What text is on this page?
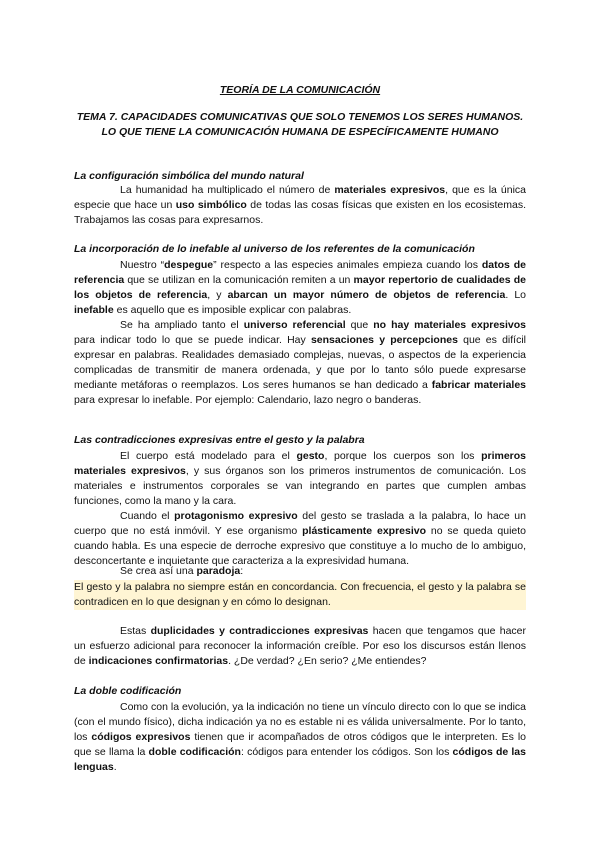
TEORÍA DE LA COMUNICACIÓN
TEMA 7. CAPACIDADES COMUNICATIVAS QUE SOLO TENEMOS LOS SERES HUMANOS. LO QUE TIENE LA COMUNICACIÓN HUMANA DE ESPECÍFICAMENTE HUMANO
La configuración simbólica del mundo natural
La humanidad ha multiplicado el número de materiales expresivos, que es la única especie que hace un uso simbólico de todas las cosas físicas que existen en los ecosistemas. Trabajamos las cosas para expresarnos.
La incorporación de lo inefable al universo de los referentes de la comunicación
Nuestro “despegue” respecto a las especies animales empieza cuando los datos de referencia que se utilizan en la comunicación remiten a un mayor repertorio de cualidades de los objetos de referencia, y abarcan un mayor número de objetos de referencia. Lo inefable es aquello que es imposible explicar con palabras.
Se ha ampliado tanto el universo referencial que no hay materiales expresivos para indicar todo lo que se puede indicar. Hay sensaciones y percepciones que es difícil expresar en palabras. Realidades demasiado complejas, nuevas, o aspectos de la experiencia complicadas de transmitir de manera ordenada, y que por lo tanto sólo puede expresarse mediante metáforas o reemplazos. Los seres humanos se han dedicado a fabricar materiales para expresar lo inefable. Por ejemplo: Calendario, lazo negro o banderas.
Las contradicciones expresivas entre el gesto y la palabra
El cuerpo está modelado para el gesto, porque los cuerpos son los primeros materiales expresivos, y sus órganos son los primeros instrumentos de comunicación. Los materiales e instrumentos corporales se van integrando en partes que cumplen ambas funciones, como la mano y la cara.
Cuando el protagonismo expresivo del gesto se traslada a la palabra, lo hace un cuerpo que no está inmóvil. Y ese organismo plásticamente expresivo no se queda quieto cuando habla. Es una especie de derroche expresivo que constituye a lo mucho de lo ambiguo, desconcertante e inquietante que caracteriza a la expresividad humana.
Se crea así una paradoja:
El gesto y la palabra no siempre están en concordancia. Con frecuencia, el gesto y la palabra se contradicen en lo que designan y en cómo lo designan.
Estas duplicidades y contradicciones expresivas hacen que tengamos que hacer un esfuerzo adicional para reconocer la información creíble. Por eso los discursos están llenos de indicaciones confirmatorias. ¿De verdad? ¿En serio? ¿Me entiendes?
La doble codificación
Como con la evolución, ya la indicación no tiene un vínculo directo con lo que se indica (con el mundo físico), dicha indicación ya no es estable ni es válida universalmente. Por lo tanto, los códigos expresivos tienen que ir acompañados de otros códigos que le interpreten. Es lo que se llama la doble codificación: códigos para entender los códigos. Son los códigos de las lenguas.
